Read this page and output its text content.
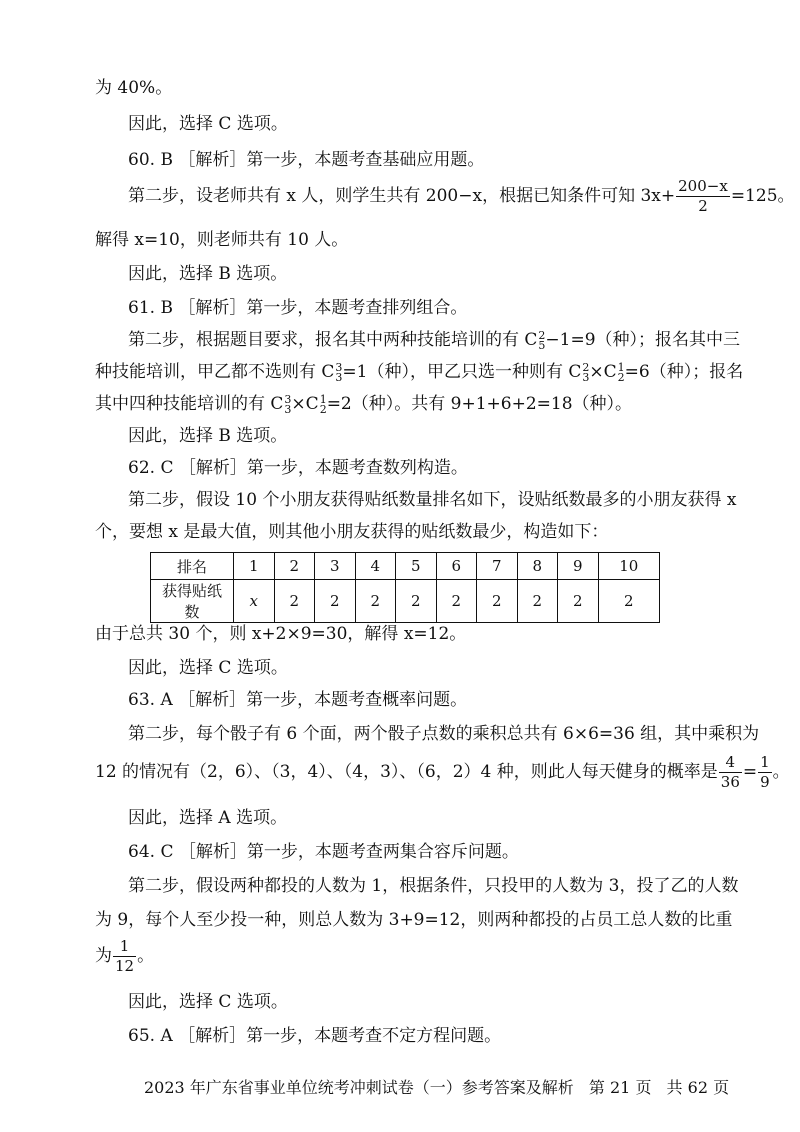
为 40%。
因此，选择 C 选项。
60. B ［解析］第一步，本题考查基础应用题。
第二步，设老师共有 x 人，则学生共有 200−x，根据已知条件可知 $3x+ \frac{200-x}{2} =125$。
解得 x=10，则老师共有 10 人。
因此，选择 B 选项。
61. B ［解析］第一步，本题考查排列组合。
第二步，根据题目要求，报名其中两种技能培训的有 C 2
5 −1=9（种）；报名其中三
种技能培训，甲乙都不选则有 C 3
3 =1（种），甲乙只选一种则有 C 2
3 ×C 1
2 =6（种）；报名
其中四种技能培训的有 C 3
3 ×C 1
2 =2（种）。共有 9+1+6+2=18（种）。
因此，选择 B 选项。
62. C ［解析］第一步，本题考查数列构造。
第二步，假设 10 个小朋友获得贴纸数量排名如下，设贴纸数最多的小朋友获得 x
个，要想 x 是最大值，则其他小朋友获得的贴纸数最少，构造如下：
排名	1	2	3	4	5	6	7	8	9	10
获得贴纸数	x	2	2	2	2	2	2	2	2	2
由于总共 30 个，则 x+2×9=30，解得 x=12。
因此，选择 C 选项。
63. A ［解析］第一步，本题考查概率问题。
第二步，每个骰子有 6 个面，两个骰子点数的乘积总共有 6×6=36 组，其中乘积为
12 的情况有（2，6）、（3，4）、（4，3）、（6，2）4 种，则此人每天健身的概率是 $\frac{4}{36} = \frac{1}{9}$ 。
因此，选择 A 选项。
64. C ［解析］第一步，本题考查两集合容斥问题。
第二步，假设两种都投的人数为 1，根据条件，只投甲的人数为 3，投了乙的人数
为 9，每个人至少投一种，则总人数为 3+9=12，则两种都投的占员工总人数的比重
为 $\frac{1}{12}$ 。
因此，选择 C 选项。
65. A ［解析］第一步，本题考查不定方程问题。
2023 年广东省事业单位统考冲刺试卷（一）参考答案及解析 第 21 页 共 62 页
